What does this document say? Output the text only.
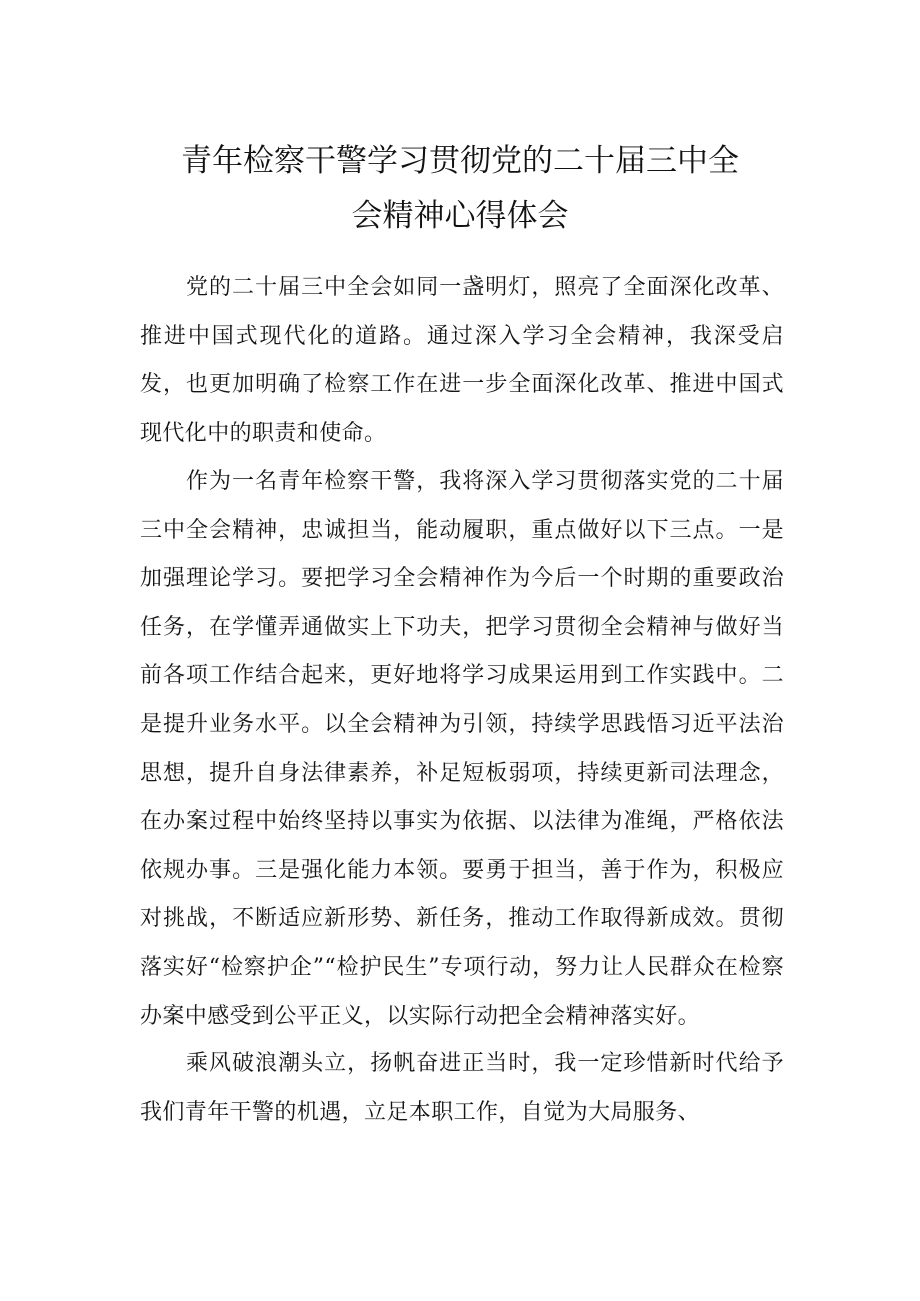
青年检察干警学习贯彻党的二十届三中全
会精神心得体会

党的二十届三中全会如同一盏明灯，照亮了全面深化改革、推进中国式现代化的道路。通过深入学习全会精神，我深受启发，也更加明确了检察工作在进一步全面深化改革、推进中国式现代化中的职责和使命。

作为一名青年检察干警，我将深入学习贯彻落实党的二十届三中全会精神，忠诚担当，能动履职，重点做好以下三点。一是加强理论学习。要把学习全会精神作为今后一个时期的重要政治任务，在学懂弄通做实上下功夫，把学习贯彻全会精神与做好当前各项工作结合起来，更好地将学习成果运用到工作实践中。二是提升业务水平。以全会精神为引领，持续学思践悟习近平法治思想，提升自身法律素养，补足短板弱项，持续更新司法理念，在办案过程中始终坚持以事实为依据、以法律为准绳，严格依法依规办事。三是强化能力本领。要勇于担当，善于作为，积极应对挑战，不断适应新形势、新任务，推动工作取得新成效。贯彻落实好“检察护企”“检护民生”专项行动，努力让人民群众在检察办案中感受到公平正义，以实际行动把全会精神落实好。

乘风破浪潮头立，扬帆奋进正当时，我一定珍惜新时代给予我们青年干警的机遇，立足本职工作，自觉为大局服务、
